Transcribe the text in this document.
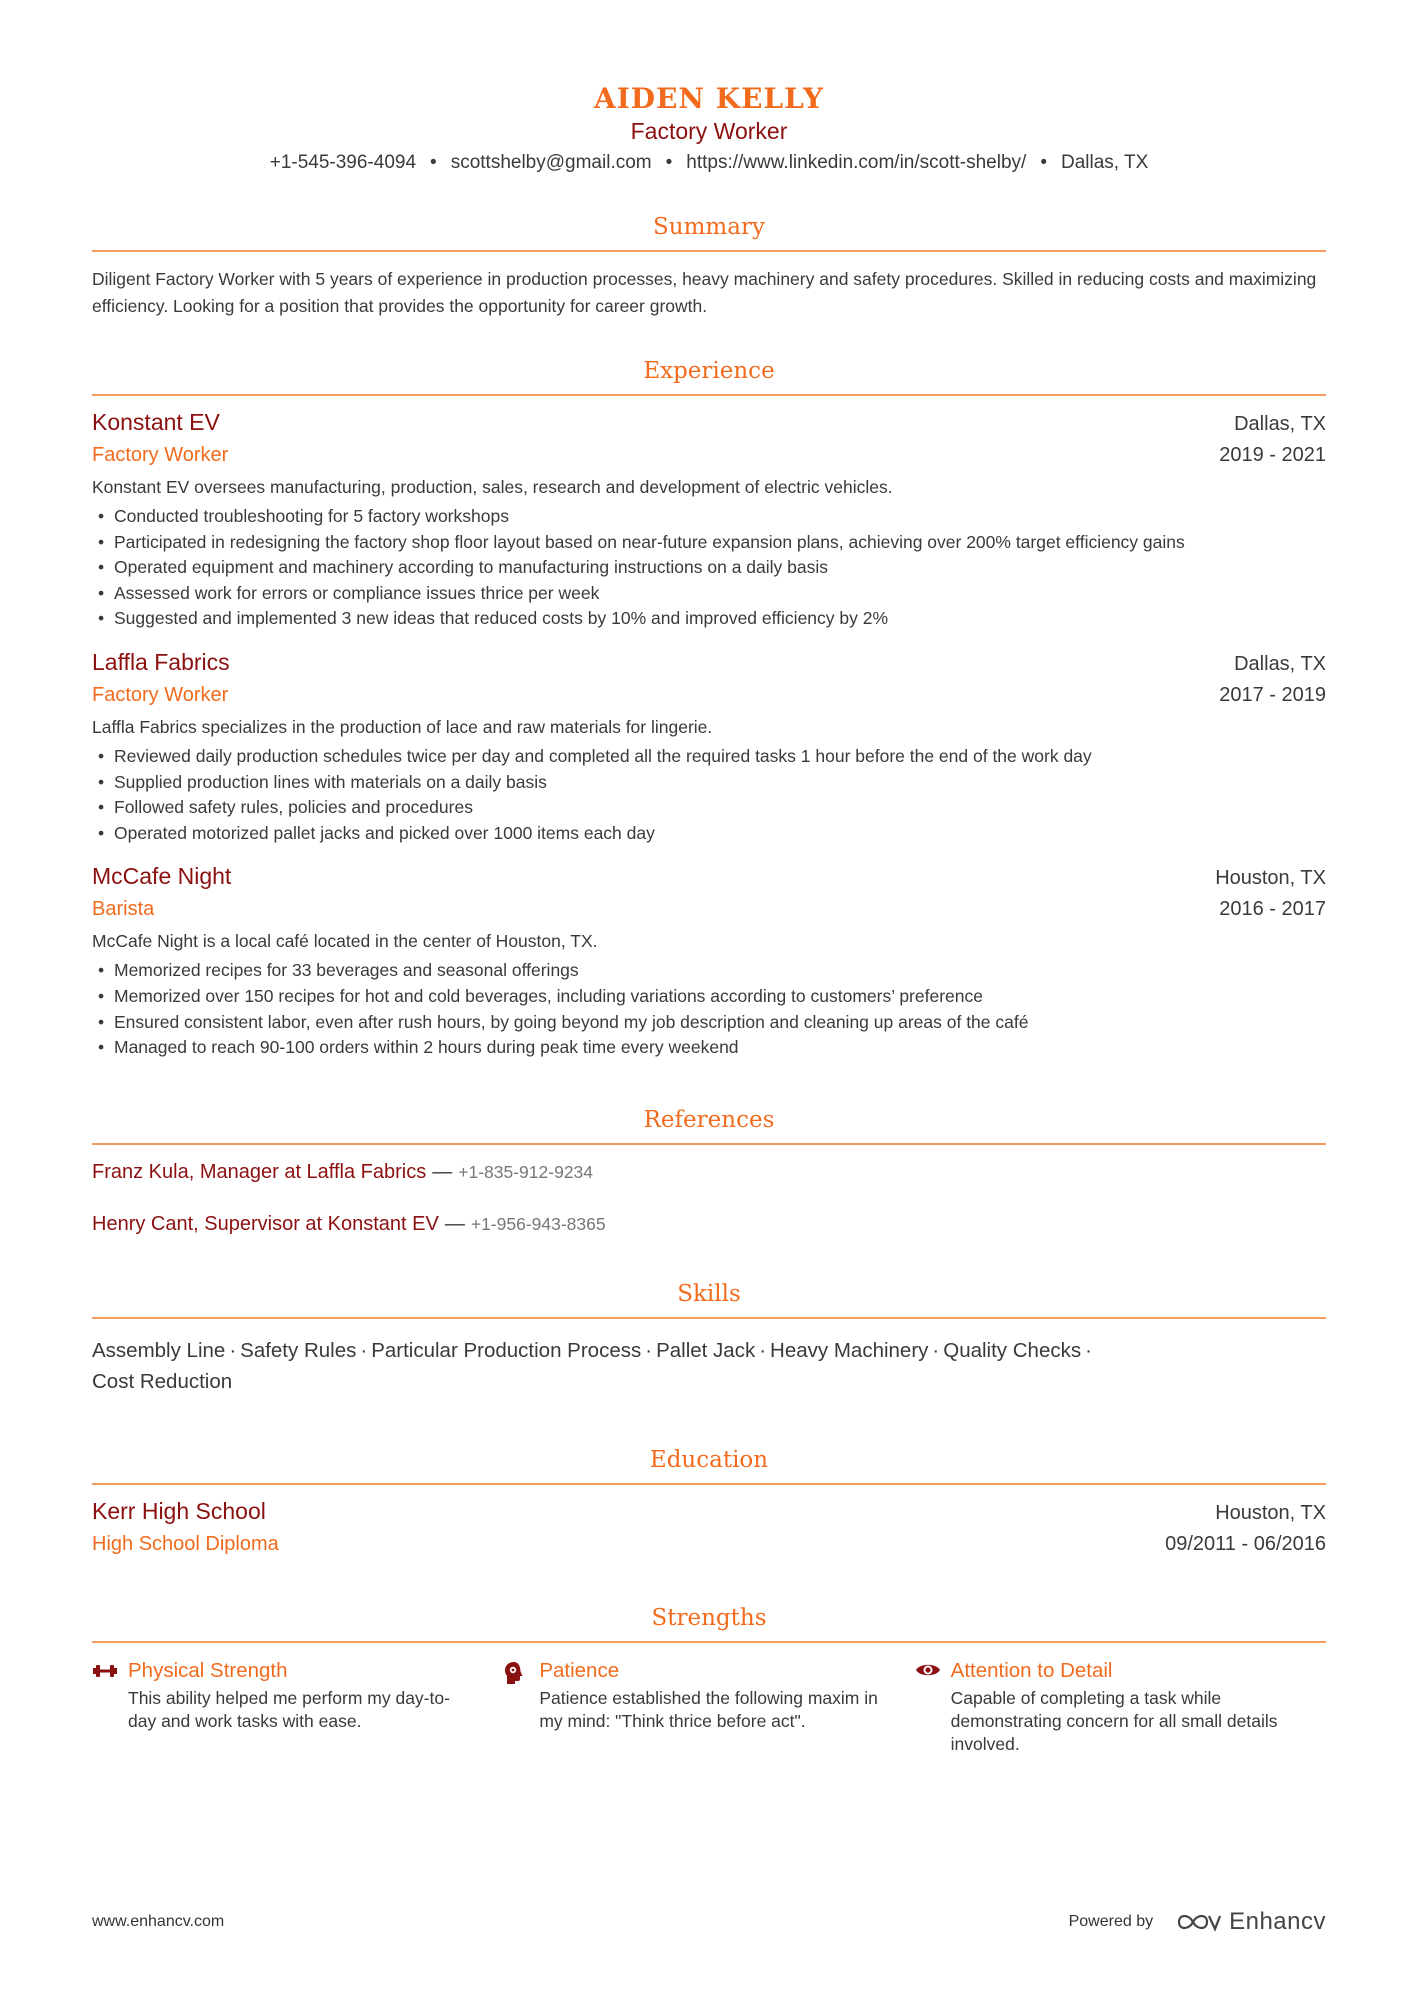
AIDEN KELLY
Factory Worker
+1-545-396-4094 • scottshelby@gmail.com • https://www.linkedin.com/in/scott-shelby/ • Dallas, TX
Summary
Diligent Factory Worker with 5 years of experience in production processes, heavy machinery and safety procedures. Skilled in reducing costs and maximizing efficiency. Looking for a position that provides the opportunity for career growth.
Experience
Konstant EV	Dallas, TX
Factory Worker	2019 - 2021
Konstant EV oversees manufacturing, production, sales, research and development of electric vehicles.
• Conducted troubleshooting for 5 factory workshops
• Participated in redesigning the factory shop floor layout based on near-future expansion plans, achieving over 200% target efficiency gains
• Operated equipment and machinery according to manufacturing instructions on a daily basis
• Assessed work for errors or compliance issues thrice per week
• Suggested and implemented 3 new ideas that reduced costs by 10% and improved efficiency by 2%
Laffla Fabrics	Dallas, TX
Factory Worker	2017 - 2019
Laffla Fabrics specializes in the production of lace and raw materials for lingerie.
• Reviewed daily production schedules twice per day and completed all the required tasks 1 hour before the end of the work day
• Supplied production lines with materials on a daily basis
• Followed safety rules, policies and procedures
• Operated motorized pallet jacks and picked over 1000 items each day
McCafe Night	Houston, TX
Barista	2016 - 2017
McCafe Night is a local café located in the center of Houston, TX.
• Memorized recipes for 33 beverages and seasonal offerings
• Memorized over 150 recipes for hot and cold beverages, including variations according to customers’ preference
• Ensured consistent labor, even after rush hours, by going beyond my job description and cleaning up areas of the café
• Managed to reach 90-100 orders within 2 hours during peak time every weekend
References
Franz Kula, Manager at Laffla Fabrics — +1-835-912-9234
Henry Cant, Supervisor at Konstant EV — +1-956-943-8365
Skills
Assembly Line · Safety Rules · Particular Production Process · Pallet Jack · Heavy Machinery · Quality Checks ·
Cost Reduction
Education
Kerr High School	Houston, TX
High School Diploma	09/2011 - 06/2016
Strengths
Physical Strength
This ability helped me perform my day-to-day and work tasks with ease.
Patience
Patience established the following maxim in my mind: "Think thrice before act".
Attention to Detail
Capable of completing a task while demonstrating concern for all small details involved.
www.enhancv.com	Powered by	Enhancv
